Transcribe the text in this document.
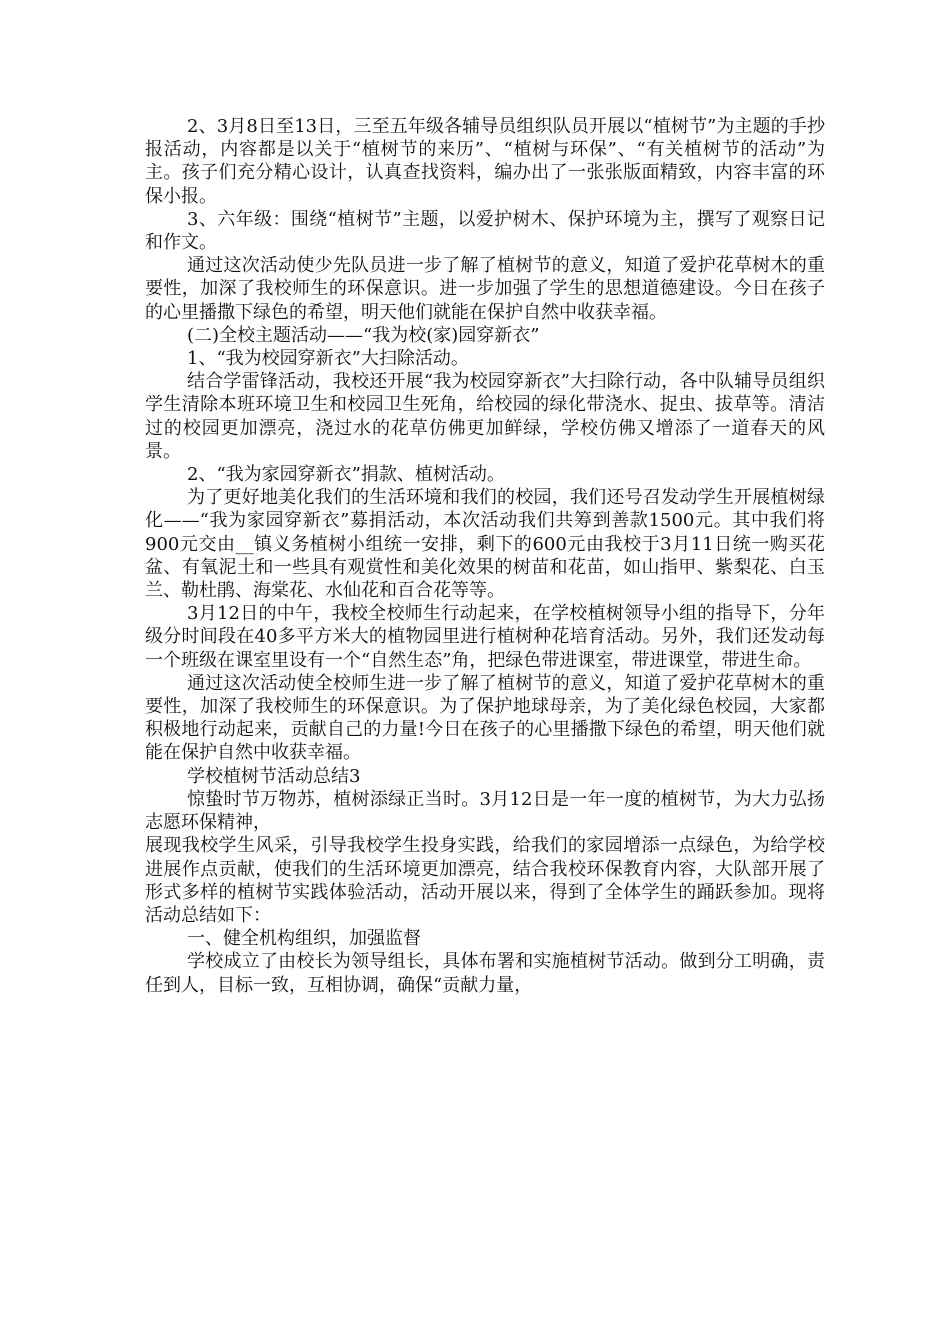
2、3月8日至13日，三至五年级各辅导员组织队员开展以“植树节”为主题的手抄报活动，内容都是以关于“植树节的来历”、“植树与环保”、“有关植树节的活动”为主。孩子们充分精心设计，认真查找资料，编办出了一张张版面精致，内容丰富的环保小报。

3、六年级：围绕“植树节”主题，以爱护树木、保护环境为主，撰写了观察日记和作文。

通过这次活动使少先队员进一步了解了植树节的意义，知道了爱护花草树木的重要性，加深了我校师生的环保意识。进一步加强了学生的思想道德建设。今日在孩子的心里播撒下绿色的希望，明天他们就能在保护自然中收获幸福。

(二)全校主题活动——“我为校(家)园穿新衣”

1、“我为校园穿新衣”大扫除活动。

结合学雷锋活动，我校还开展“我为校园穿新衣”大扫除行动，各中队辅导员组织学生清除本班环境卫生和校园卫生死角，给校园的绿化带浇水、捉虫、拔草等。清洁过的校园更加漂亮，浇过水的花草仿佛更加鲜绿，学校仿佛又增添了一道春天的风景。

2、“我为家园穿新衣”捐款、植树活动。

为了更好地美化我们的生活环境和我们的校园，我们还号召发动学生开展植树绿化——“我为家园穿新衣”募捐活动，本次活动我们共筹到善款1500元。其中我们将900元交由__镇义务植树小组统一安排，剩下的600元由我校于3月11日统一购买花盆、有氧泥土和一些具有观赏性和美化效果的树苗和花苗，如山指甲、紫梨花、白玉兰、勒杜鹃、海棠花、水仙花和百合花等等。

3月12日的中午，我校全校师生行动起来，在学校植树领导小组的指导下，分年级分时间段在40多平方米大的植物园里进行植树种花培育活动。另外，我们还发动每一个班级在课室里设有一个“自然生态”角，把绿色带进课室，带进课堂，带进生命。

通过这次活动使全校师生进一步了解了植树节的意义，知道了爱护花草树木的重要性，加深了我校师生的环保意识。为了保护地球母亲，为了美化绿色校园，大家都积极地行动起来，贡献自己的力量!今日在孩子的心里播撒下绿色的希望，明天他们就能在保护自然中收获幸福。

学校植树节活动总结3

惊蛰时节万物苏，植树添绿正当时。3月12日是一年一度的植树节，为大力弘扬志愿环保精神，

展现我校学生风采，引导我校学生投身实践，给我们的家园增添一点绿色，为给学校进展作点贡献，使我们的生活环境更加漂亮，结合我校环保教育内容，大队部开展了形式多样的植树节实践体验活动，活动开展以来，得到了全体学生的踊跃参加。现将活动总结如下：

一、健全机构组织，加强监督

学校成立了由校长为领导组长，具体布署和实施植树节活动。做到分工明确，责任到人，目标一致，互相协调，确保“贡献力量，
